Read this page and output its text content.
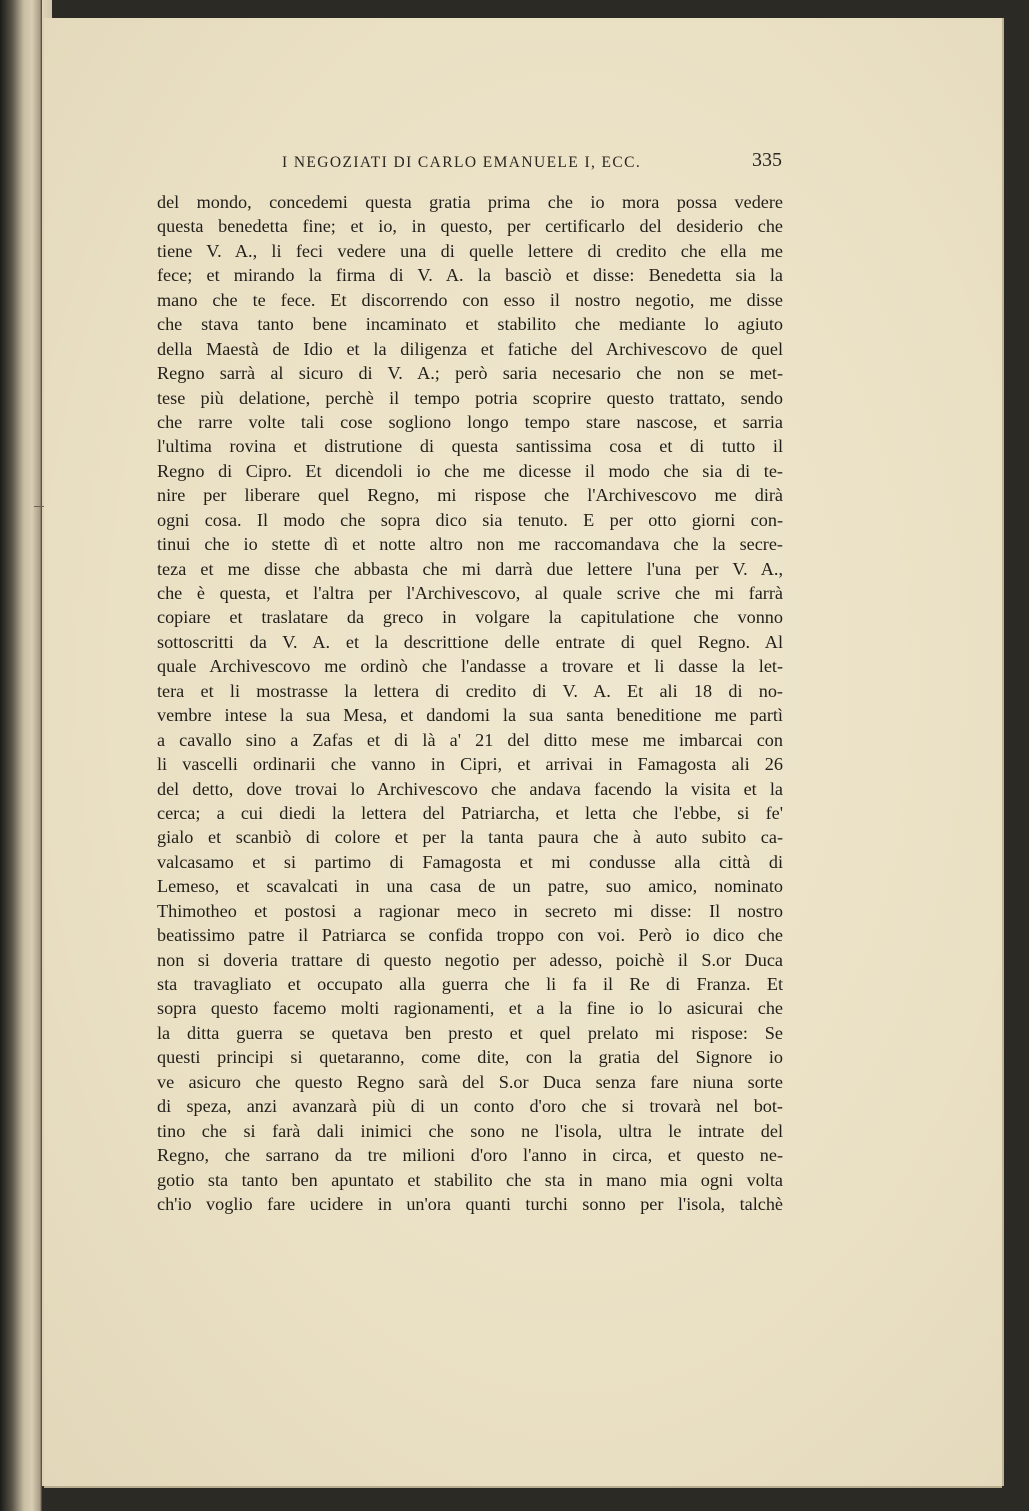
I NEGOZIATI DI CARLO EMANUELE I, ECC.	335
del mondo, concedemi questa gratia prima che io mora possa vedere
questa benedetta fine; et io, in questo, per certificarlo del desiderio che
tiene V. A., li feci vedere una di quelle lettere di credito che ella me
fece; et mirando la firma di V. A. la basciò et disse: Benedetta sia la
mano che te fece. Et discorrendo con esso il nostro negotio, me disse
che stava tanto bene incaminato et stabilito che mediante lo agiuto
della Maestà de Idio et la diligenza et fatiche del Archivescovo de quel
Regno sarrà al sicuro di V. A.; però saria necesario che non se met-
tese più delatione, perchè il tempo potria scoprire questo trattato, sendo
che rarre volte tali cose sogliono longo tempo stare nascose, et sarria
l'ultima rovina et distrutione di questa santissima cosa et di tutto il
Regno di Cipro. Et dicendoli io che me dicesse il modo che sia di te-
nire per liberare quel Regno, mi rispose che l'Archivescovo me dirà
ogni cosa. Il modo che sopra dico sia tenuto. E per otto giorni con-
tinui che io stette dì et notte altro non me raccomandava che la secre-
teza et me disse che abbasta che mi darrà due lettere l'una per V. A.,
che è questa, et l'altra per l'Archivescovo, al quale scrive che mi farrà
copiare et traslatare da greco in volgare la capitulatione che vonno
sottoscritti da V. A. et la descrittione delle entrate di quel Regno. Al
quale Archivescovo me ordinò che l'andasse a trovare et li dasse la let-
tera et li mostrasse la lettera di credito di V. A. Et ali 18 di no-
vembre intese la sua Mesa, et dandomi la sua santa beneditione me partì
a cavallo sino a Zafas et di là a' 21 del ditto mese me imbarcai con
li vascelli ordinarii che vanno in Cipri, et arrivai in Famagosta ali 26
del detto, dove trovai lo Archivescovo che andava facendo la visita et la
cerca; a cui diedi la lettera del Patriarcha, et letta che l'ebbe, si fe'
gialo et scanbiò di colore et per la tanta paura che à auto subito ca-
valcasamo et si partimo di Famagosta et mi condusse alla città di
Lemeso, et scavalcati in una casa de un patre, suo amico, nominato
Thimotheo et postosi a ragionar meco in secreto mi disse: Il nostro
beatissimo patre il Patriarca se confida troppo con voi. Però io dico che
non si doveria trattare di questo negotio per adesso, poichè il S.or Duca
sta travagliato et occupato alla guerra che li fa il Re di Franza. Et
sopra questo facemo molti ragionamenti, et a la fine io lo asicurai che
la ditta guerra se quetava ben presto et quel prelato mi rispose: Se
questi principi si quetaranno, come dite, con la gratia del Signore io
ve asicuro che questo Regno sarà del S.or Duca senza fare niuna sorte
di speza, anzi avanzarà più di un conto d'oro che si trovarà nel bot-
tino che si farà dali inimici che sono ne l'isola, ultra le intrate del
Regno, che sarrano da tre milioni d'oro l'anno in circa, et questo ne-
gotio sta tanto ben apuntato et stabilito che sta in mano mia ogni volta
ch'io voglio fare ucidere in un'ora quanti turchi sonno per l'isola, talchè
